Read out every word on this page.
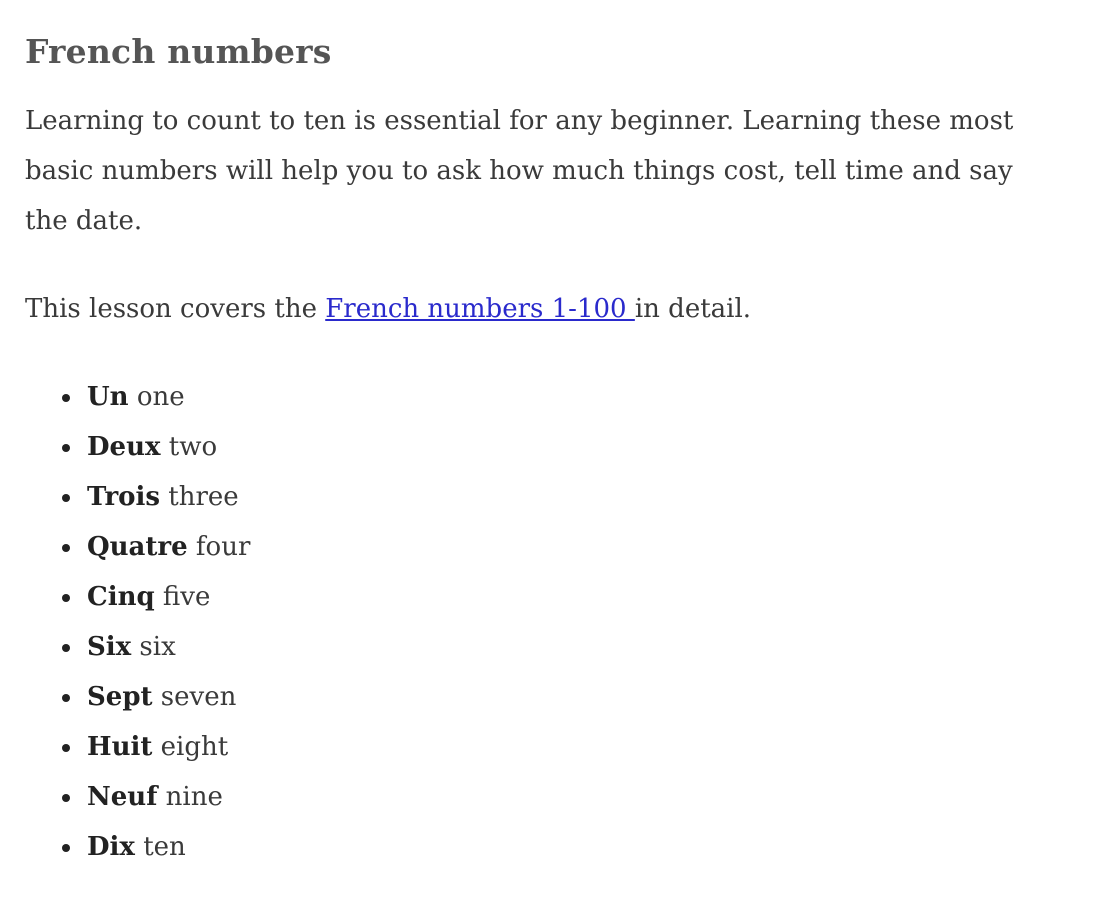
French numbers

Learning to count to ten is essential for any beginner. Learning these most basic numbers will help you to ask how much things cost, tell time and say the date.

This lesson covers the French numbers 1-100 in detail.

Un one
Deux two
Trois three
Quatre four
Cinq five
Six six
Sept seven
Huit eight
Neuf nine
Dix ten
